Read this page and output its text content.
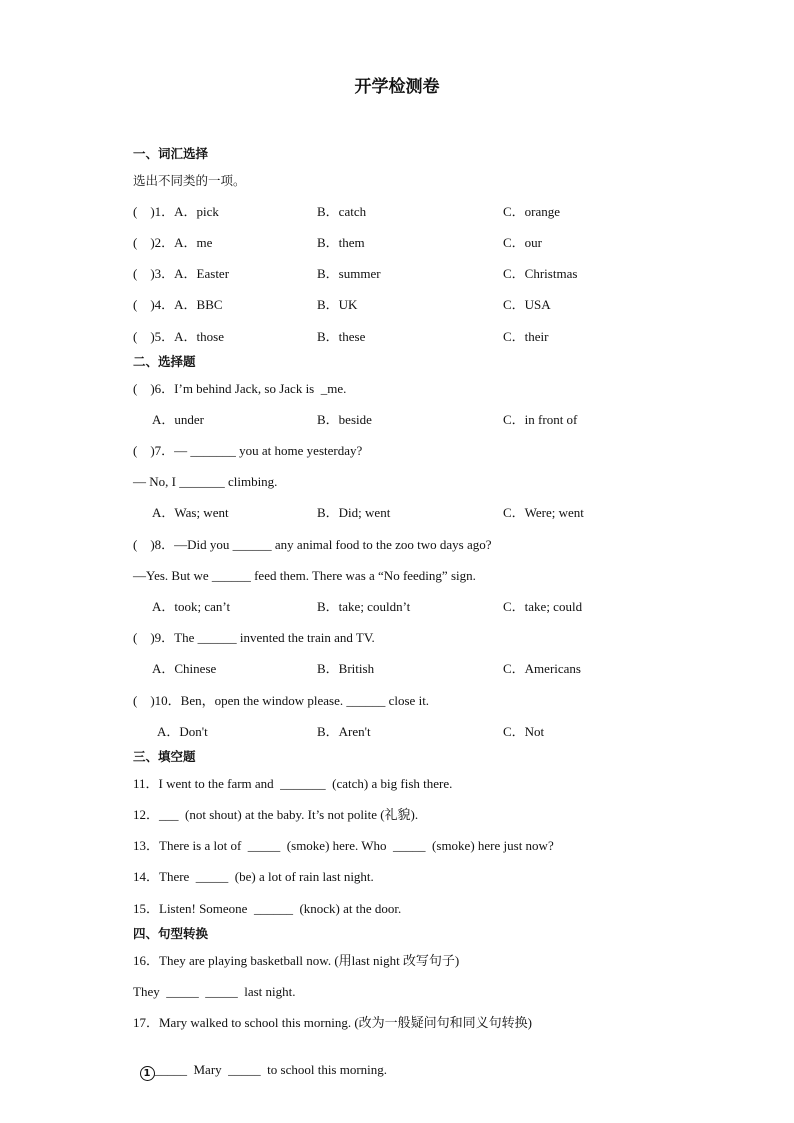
开学检测卷
一、词汇选择
选出不同类的一项。
(    )1．A．pick	B．catch	C．orange
(    )2．A．me	B．them	C．our
(    )3．A．Easter	B．summer	C．Christmas
(    )4．A．BBC	B．UK	C．USA
(    )5．A．those	B．these	C．their
二、选择题
(    )6．I’m behind Jack, so Jack is  _me.
A．under	B．beside	C．in front of
(    )7．— _______ you at home yesterday?
— No, I _______ climbing.
A．Was; went	B．Did; went	C．Were; went
(    )8．—Did you ______ any animal food to the zoo two days ago?
—Yes. But we ______ feed them. There was a “No feeding” sign.
A．took; can’t	B．take; couldn’t	C．take; could
(    )9．The ______ invented the train and TV.
A．Chinese	B．British	C．Americans
(    )10．Ben，open the window please. ______ close it.
A．Don't	B．Aren't	C．Not
三、填空题
11．I went to the farm and  _______  (catch) a big fish there.
12．___  (not shout) at the baby. It’s not polite (礼貌).
13．There is a lot of  _____  (smoke) here. Who  _____  (smoke) here just now?
14．There  _____  (be) a lot of rain last night.
15．Listen! Someone  ______  (knock) at the door.
四、句型转换
16．They are playing basketball now. (用last night 改写句子)
They  _____  _____  last night.
17．Mary walked to school this morning. (改为一般疑问句和同义句转换)

1 _____  Mary  _____  to school this morning.
